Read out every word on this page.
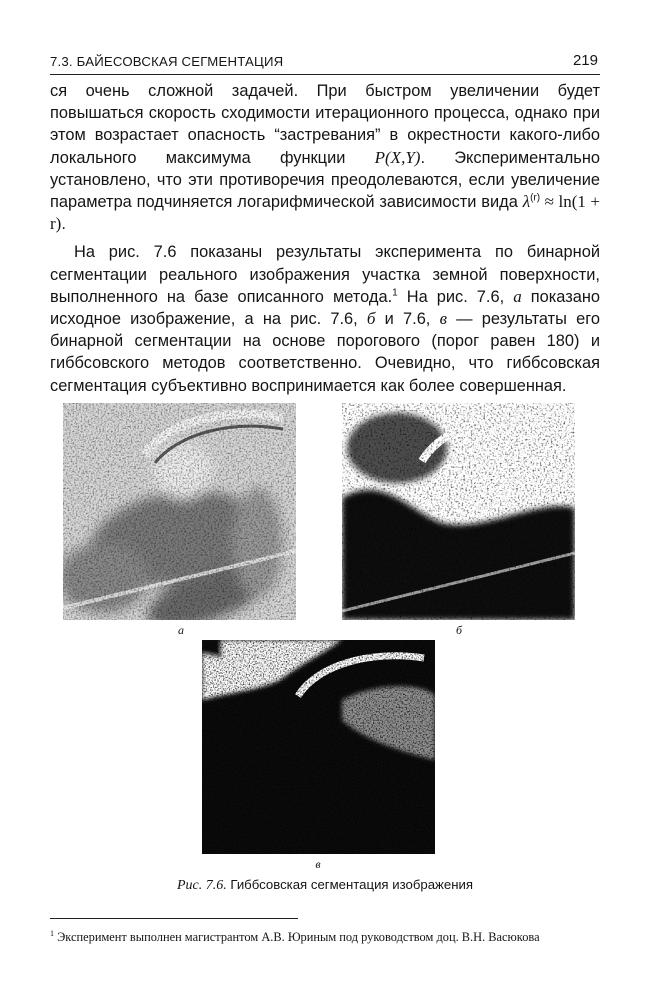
7.3. БАЙЕСОВСКАЯ СЕГМЕНТАЦИЯ	219

ся очень сложной задачей. При быстром увеличении будет повышаться скорость сходимости итерационного процесса, однако при этом возрастает опасность “застревания” в окрестности какого-либо локального максимума функции P(X,Y). Экспериментально установлено, что эти противоречия преодолеваются, если увеличение параметра подчиняется логарифмической зависимости вида $\lambda^{(r)} \approx \ln(1 + r)$.

На рис. 7.6 показаны результаты эксперимента по бинарной сегментации реального изображения участка земной поверхности, выполненного на базе описанного метода.$^1$ На рис. 7.6, а показано исходное изображение, а на рис. 7.6, б и 7.6, в — результаты его бинарной сегментации на основе порогового (порог равен 180) и гиббсовского методов соответственно. Очевидно, что гиббсовская сегментация субъективно воспринимается как более совершенная.

а	б
в
Рис. 7.6. Гиббсовская сегментация изображения
$^1$ Эксперимент выполнен магистрантом А.В. Юриным под руководством доц. В.Н. Васюкова
